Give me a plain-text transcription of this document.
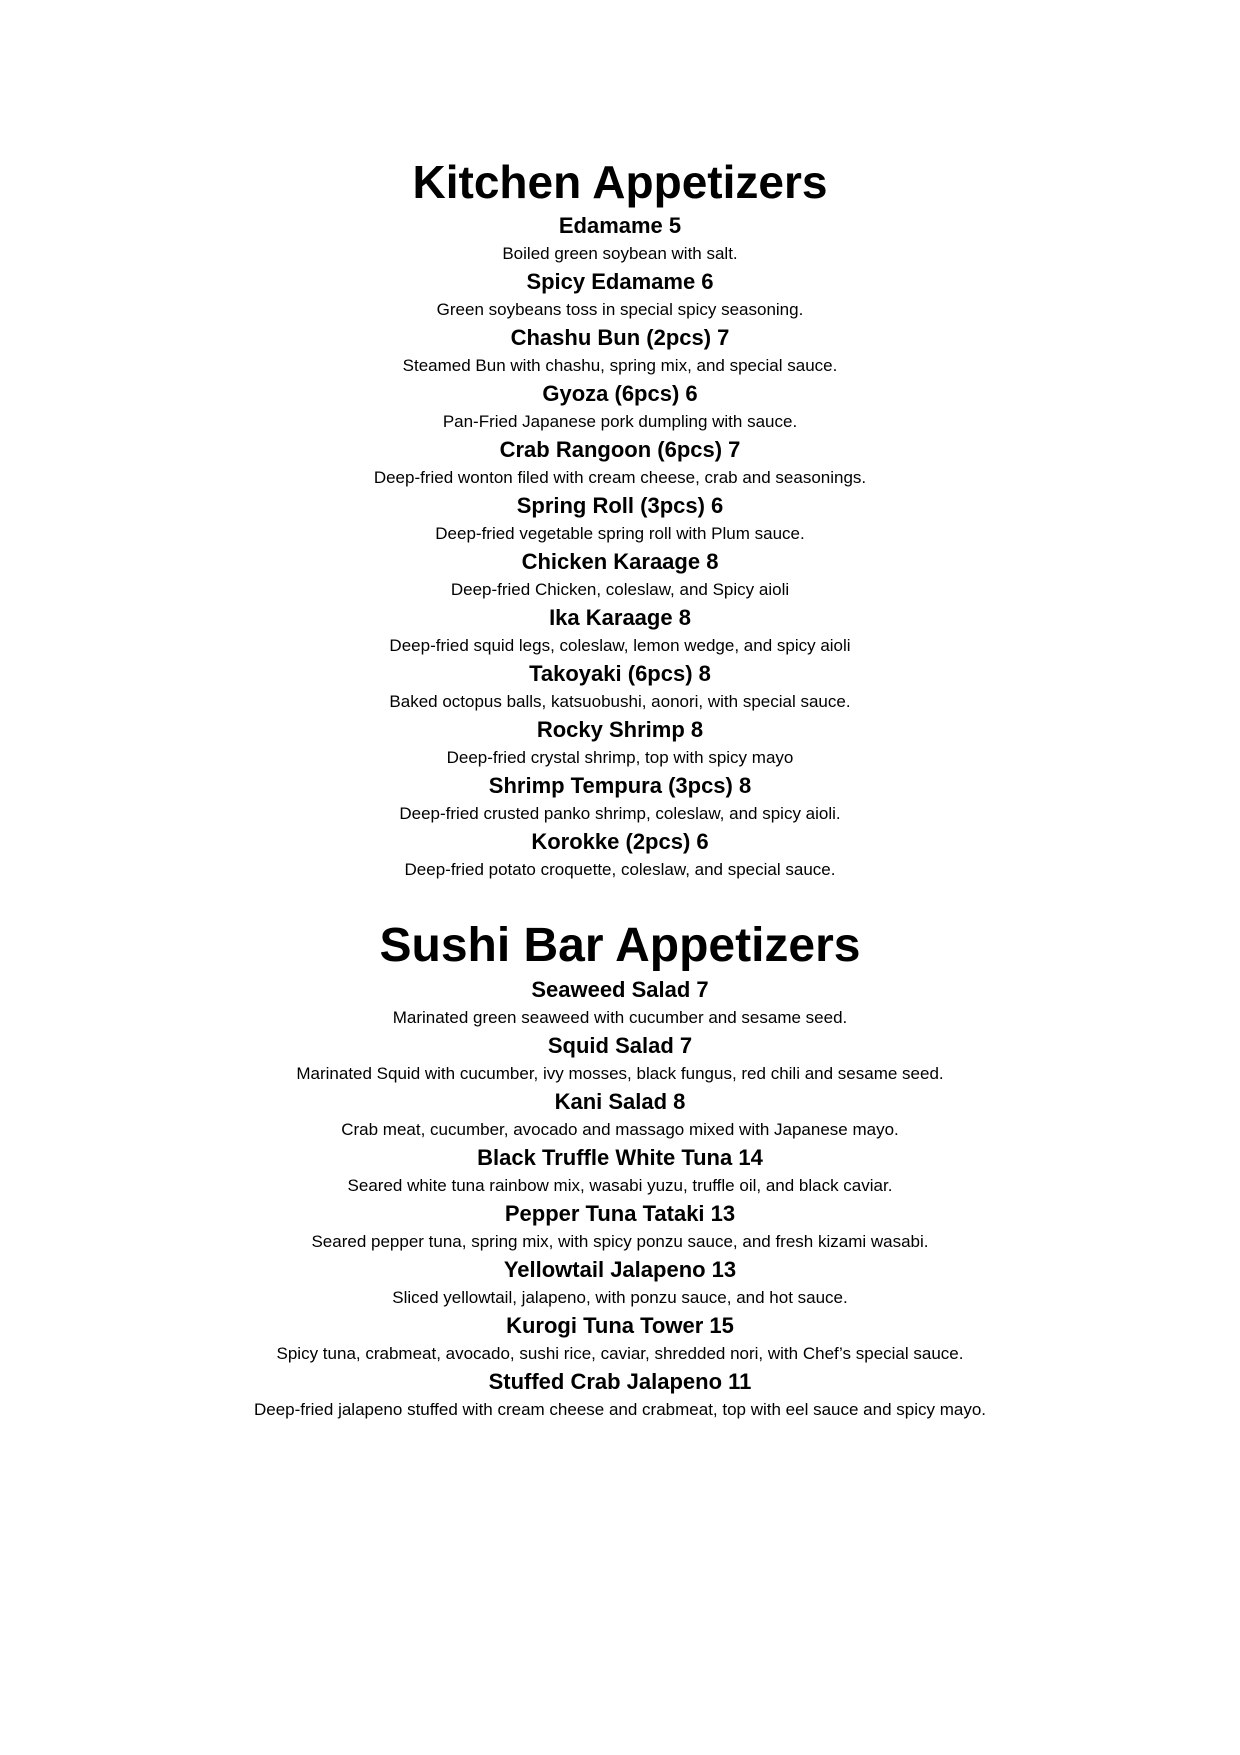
Kitchen Appetizers
Edamame 5
Boiled green soybean with salt.
Spicy Edamame 6
Green soybeans toss in special spicy seasoning.
Chashu Bun (2pcs) 7
Steamed Bun with chashu, spring mix, and special sauce.
Gyoza (6pcs) 6
Pan-Fried Japanese pork dumpling with sauce.
Crab Rangoon (6pcs) 7
Deep-fried wonton filed with cream cheese, crab and seasonings.
Spring Roll (3pcs) 6
Deep-fried vegetable spring roll with Plum sauce.
Chicken Karaage 8
Deep-fried Chicken, coleslaw, and Spicy aioli
Ika Karaage 8
Deep-fried squid legs, coleslaw, lemon wedge, and spicy aioli
Takoyaki (6pcs) 8
Baked octopus balls, katsuobushi, aonori, with special sauce.
Rocky Shrimp 8
Deep-fried crystal shrimp, top with spicy mayo
Shrimp Tempura (3pcs) 8
Deep-fried crusted panko shrimp, coleslaw, and spicy aioli.
Korokke (2pcs) 6
Deep-fried potato croquette, coleslaw, and special sauce.
Sushi Bar Appetizers
Seaweed Salad 7
Marinated green seaweed with cucumber and sesame seed.
Squid Salad 7
Marinated Squid with cucumber, ivy mosses, black fungus, red chili and sesame seed.
Kani Salad 8
Crab meat, cucumber, avocado and massago mixed with Japanese mayo.
Black Truffle White Tuna 14
Seared white tuna rainbow mix, wasabi yuzu, truffle oil, and black caviar.
Pepper Tuna Tataki 13
Seared pepper tuna, spring mix, with spicy ponzu sauce, and fresh kizami wasabi.
Yellowtail Jalapeno 13
Sliced yellowtail, jalapeno, with ponzu sauce, and hot sauce.
Kurogi Tuna Tower 15
Spicy tuna, crabmeat, avocado, sushi rice, caviar, shredded nori, with Chef’s special sauce.
Stuffed Crab Jalapeno 11
Deep-fried jalapeno stuffed with cream cheese and crabmeat, top with eel sauce and spicy mayo.
